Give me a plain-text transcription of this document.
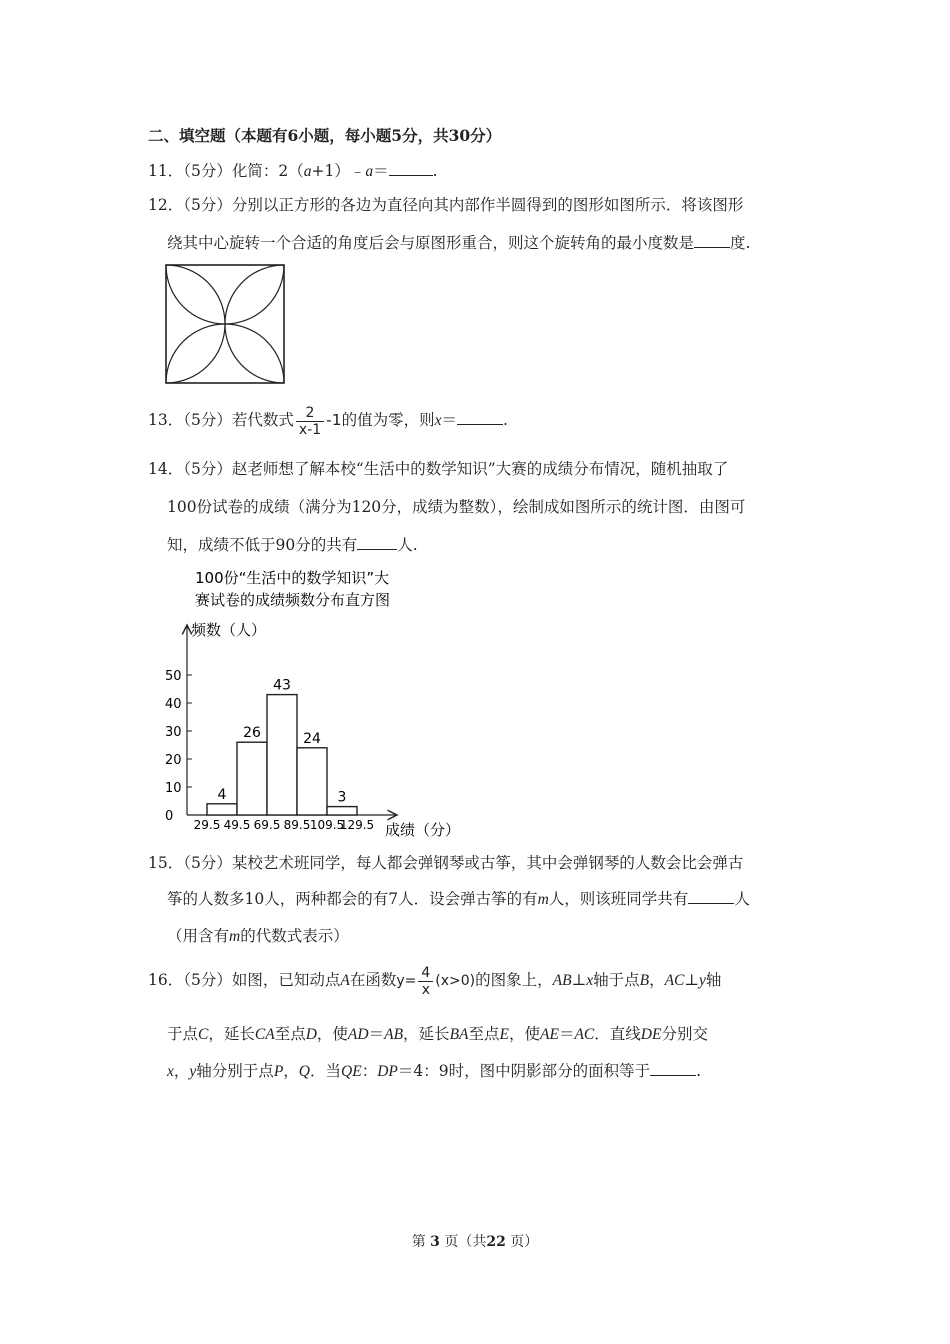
二、填空题（本题有6小题，每小题5分，共30分）
11．（5分）化简：2（a+1）﹣a＝	.
12．（5分）分别以正方形的各边为直径向其内部作半圆得到的图形如图所示．将该图形
绕其中心旋转一个合适的角度后会与原图形重合，则这个旋转角的最小度数是 度.
13．（5分）若代数式 $\frac{2}{x-1} -1$的值为零，则x＝	.
14．（5分）赵老师想了解本校“生活中的数学知识”大赛的成绩分布情况，随机抽取了
100份试卷的成绩（满分为120分，成绩为整数），绘制成如图所示的统计图．由图可
知，成绩不低于90分的共有	人.
100份“生活中的数学知识”大
赛试卷的成绩频数分布直方图
频数（人）
成绩（分）
0
10
20
30
40
50
29.5 49.5 69.5 89.5 109.5
129.5
4
26
43
24
3
15．（5分）某校艺术班同学，每人都会弹钢琴或古筝，其中会弹钢琴的人数会比会弹古
筝的人数多10人，两种都会的有7人．设会弹古筝的有m人，则该班同学共有	人
（用含有m的代数式表示）
16．（5分）如图，已知动点A在函数$y= \frac{4}{x} (x>0)$的图象上，AB⊥x轴于点B，AC⊥y轴
于点C，延长CA至点D，使AD＝AB，延长BA至点E，使AE＝AC．直线DE分别交
x，y轴分别于点P，Q．当QE：DP＝4：9时，图中阴影部分的面积等于	.
第 3 页（共22 页）
